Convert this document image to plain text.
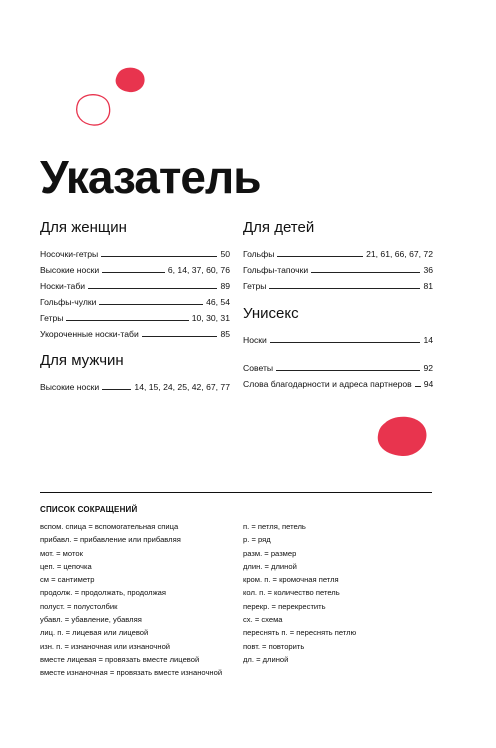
Указатель
Для женщин
Носочки-гетры	50
Высокие носки	6, 14, 37, 60, 76
Носки-таби	89
Гольфы-чулки	46, 54
Гетры	10, 30, 31
Укороченные носки-таби	85
Для мужчин
Высокие носки	14, 15, 24, 25, 42, 67, 77
Для детей
Гольфы	21, 61, 66, 67, 72
Гольфы-тапочки	36
Гетры	81
Унисекс
Носки	14
Советы	92
Слова благодарности и адреса партнеров 94
СПИСОК СОКРАЩЕНИЙ
вспом. спица = вспомогательная спица
прибавл. = прибавление или прибавляя
мот. = моток
цеп. = цепочка
см = сантиметр
продолж. = продолжать, продолжая
полуст. = полустолбик
убавл. = убавление, убавляя
лиц. п. = лицевая или лицевой
изн. п. = изнаночная или изнаночной
вместе лицевая = провязать вместе лицевой
вместе изнаночная = провязать вместе изнаночной
п. = петля, петель
р. = ряд
разм. = размер
длин. = длиной
кром. п. = кромочная петля
кол. п. = количество петель
перекр. = перекрестить
сх. = схема
переснять п. = переснять петлю
повт. = повторить
дл. = длиной
